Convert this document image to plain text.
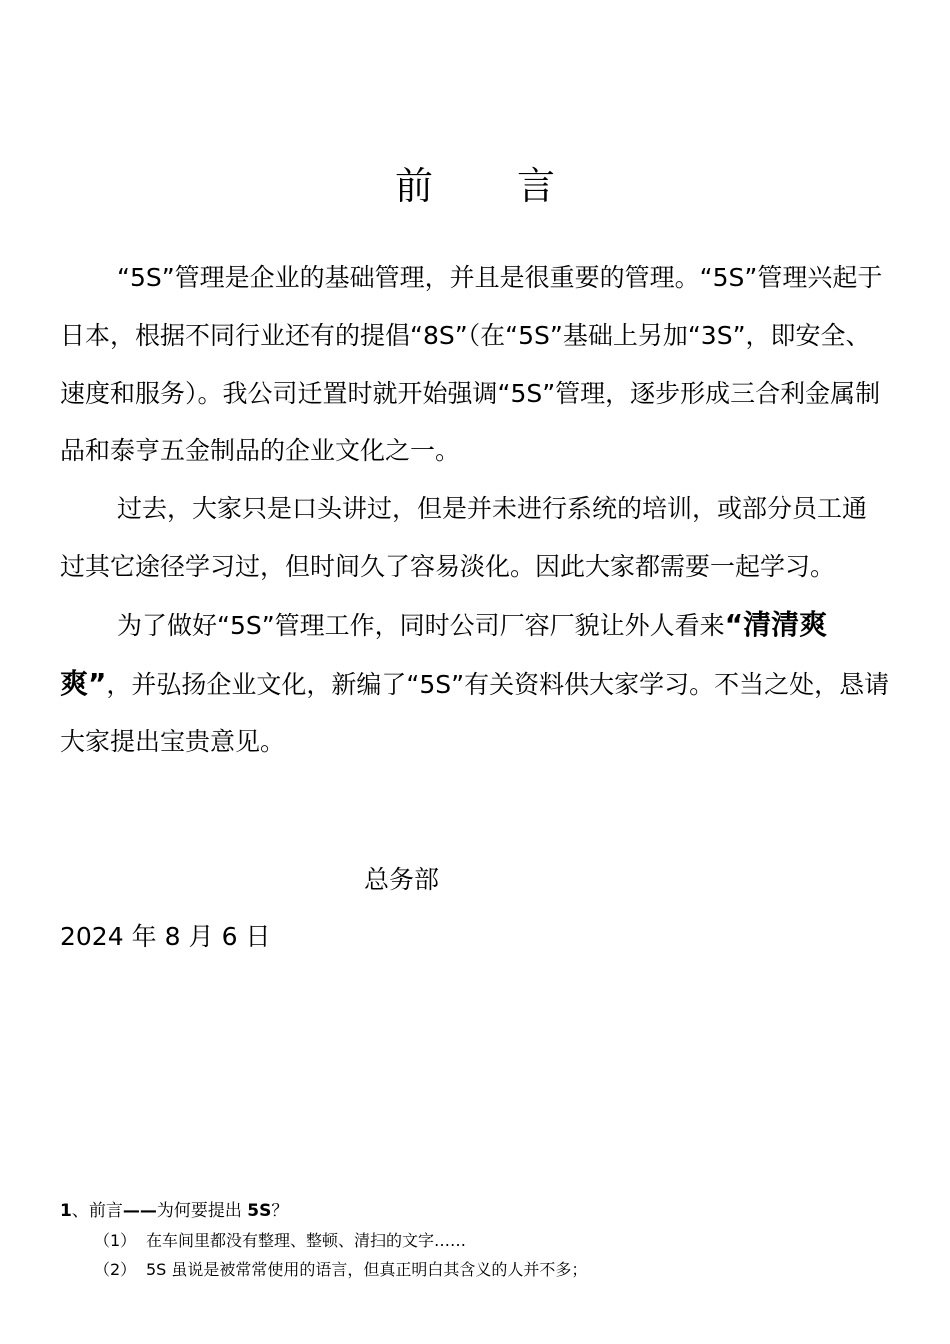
前 言

“5S”管理是企业的基础管理，并且是很重要的管理。“5S”管理兴起于日本，根据不同行业还有的提倡“8S”（在“5S”基础上另加“3S”，即安全、速度和服务）。我公司迁置时就开始强调“5S”管理，逐步形成三合利金属制品和泰亨五金制品的企业文化之一。

过去，大家只是口头讲过，但是并未进行系统的培训，或部分员工通过其它途径学习过，但时间久了容易淡化。因此大家都需要一起学习。

为了做好“5S”管理工作，同时公司厂容厂貌让外人看来“清清爽爽”，并弘扬企业文化，新编了“5S”有关资料供大家学习。不当之处，恳请大家提出宝贵意见。

总务部
2024 年 8 月 6 日

1、前言——为何要提出 5S？

（1） 在车间里都没有整理、整顿、清扫的文字……
（2） 5S 虽说是被常常使用的语言，但真正明白其含义的人并不多；
